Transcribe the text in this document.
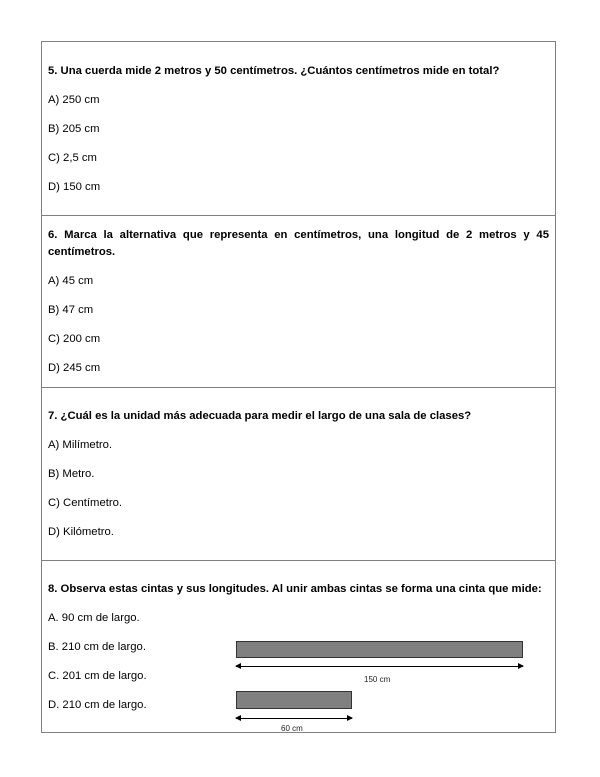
5. Una cuerda mide 2 metros y 50 centímetros. ¿Cuántos centímetros mide en total?
A) 250 cm
B) 205 cm
C) 2,5 cm
D) 150 cm
6. Marca la alternativa que representa en centímetros, una longitud de 2 metros y 45 centímetros.
A) 45 cm
B) 47 cm
C) 200 cm
D) 245 cm
7. ¿Cuál es la unidad más adecuada para medir el largo de una sala de clases?
A) Milímetro.
B) Metro.
C) Centímetro.
D) Kilómetro.
8. Observa estas cintas y sus longitudes. Al unir ambas cintas se forma una cinta que mide:
A. 90 cm de largo.
B. 210 cm de largo.
C. 201 cm de largo.
D. 210 cm de largo.
150 cm
60 cm
